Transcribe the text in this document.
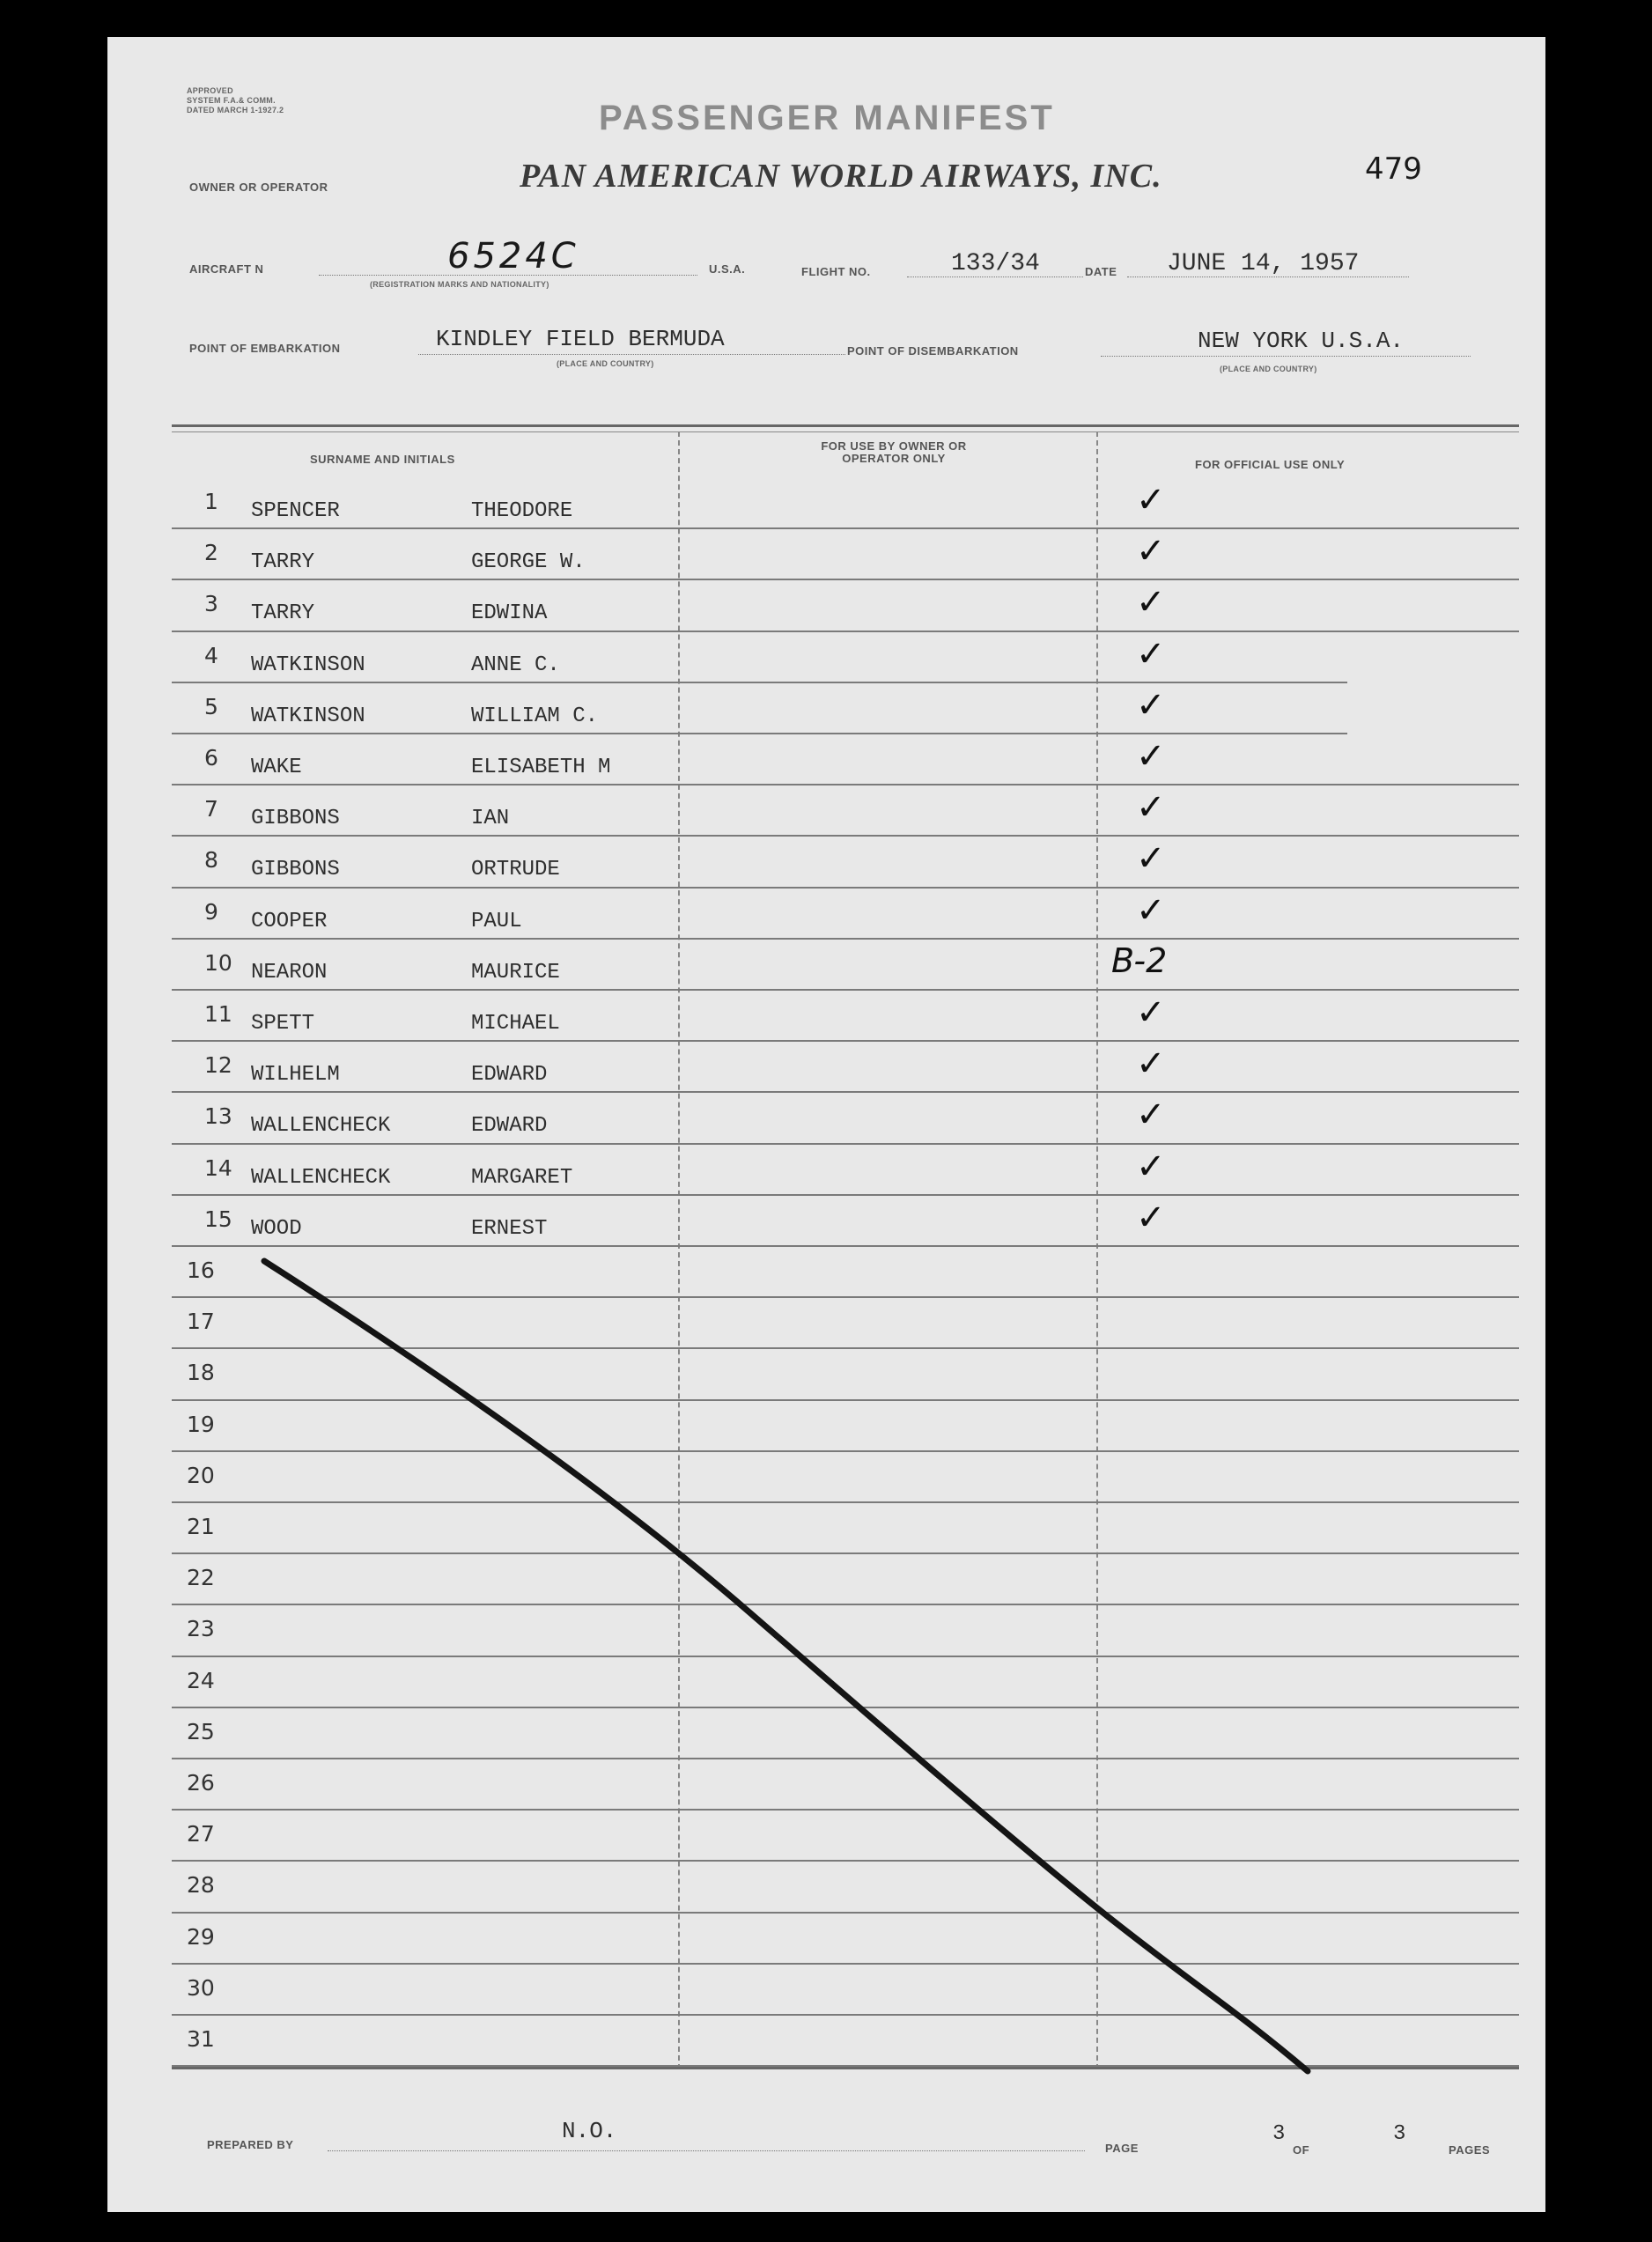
APPROVED
SYSTEM F.A.& COMM.
DATED MARCH 1-1927.2	PASSENGER MANIFEST
479
OWNER OR OPERATOR	PAN AMERICAN WORLD AIRWAYS, INC.
AIRCRAFT N	6524C
(REGISTRATION MARKS AND NATIONALITY)
U.S.A.	FLIGHT NO.	133/34	DATE JUNE 14, 1957
POINT OF EMBARKATION	KINDLEY FIELD BERMUDA
(PLACE AND COUNTRY)
POINT OF DISEMBARKATION	NEW YORK U.S.A.
(PLACE AND COUNTRY)
SURNAME AND INITIALS
FOR USE BY OWNER OR OPERATOR ONLY	FOR OFFICIAL USE ONLY
1 SPENCER	THEODORE	✓
2 TARRY	GEORGE W.	✓
3 TARRY	EDWINA	✓
4 WATKINSON	ANNE C.	✓
5 WATKINSON	WILLIAM C.	✓
6 WAKE	ELISABETH M	✓
7 GIBBONS	IAN	✓
8 GIBBONS	ORTRUDE	✓
9 COOPER	PAUL	✓
10 NEARON	MAURICE	B-2
11 SPETT	MICHAEL	✓
12 WILHELM	EDWARD	✓
13 WALLENCHECK	EDWARD	✓
14 WALLENCHECK	MARGARET	✓
15 WOOD	ERNEST	✓
16
17
18
19
20
21
22
23
24
25
26
27
28
29
30
31
PREPARED BY
N.O.
PAGE
3
OF
3
PAGES
